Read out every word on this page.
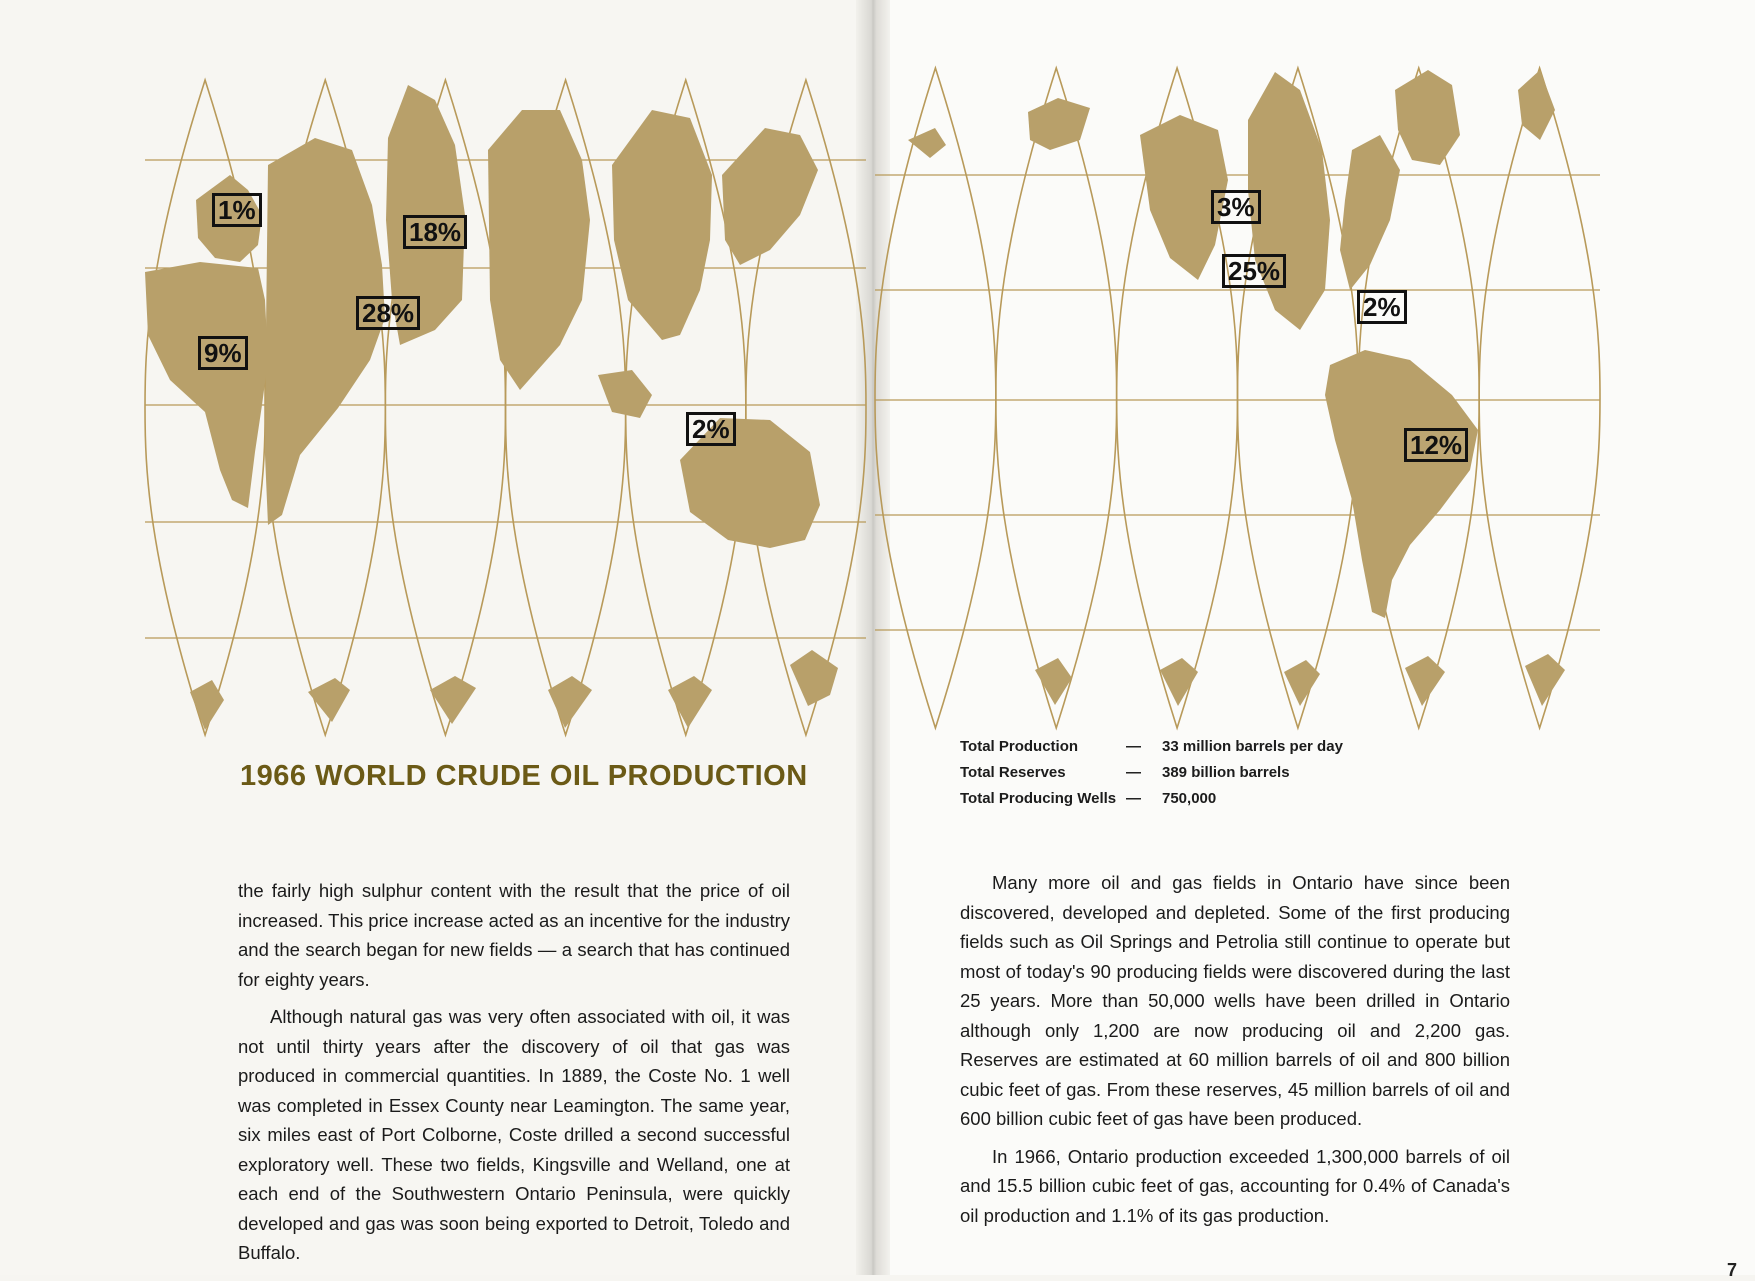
1%
18%
28%
9%
2%
3%
25%
2%
12%
1966 WORLD CRUDE OIL PRODUCTION
Total Production	— 33 million barrels per day
Total Reserves	— 389 billion barrels
Total Producing Wells — 750,000

the fairly high sulphur content with the result that the price of oil increased. This price increase acted as an incentive for the industry and the search began for new fields — a search that has continued for eighty years.

Although natural gas was very often associated with oil, it was not until thirty years after the discovery of oil that gas was produced in commercial quantities. In 1889, the Coste No. 1 well was completed in Essex County near Leamington. The same year, six miles east of Port Colborne, Coste drilled a second successful exploratory well. These two fields, Kingsville and Welland, one at each end of the Southwestern Ontario Peninsula, were quickly developed and gas was soon being exported to Detroit, Toledo and Buffalo.

Many more oil and gas fields in Ontario have since been discovered, developed and depleted. Some of the first producing fields such as Oil Springs and Petrolia still continue to operate but most of today's 90 producing fields were discovered during the last 25 years. More than 50,000 wells have been drilled in Ontario although only 1,200 are now producing oil and 2,200 gas. Reserves are estimated at 60 million barrels of oil and 800 billion cubic feet of gas. From these reserves, 45 million barrels of oil and 600 billion cubic feet of gas have been produced.

In 1966, Ontario production exceeded 1,300,000 barrels of oil and 15.5 billion cubic feet of gas, accounting for 0.4% of Canada's oil production and 1.1% of its gas production.

7
